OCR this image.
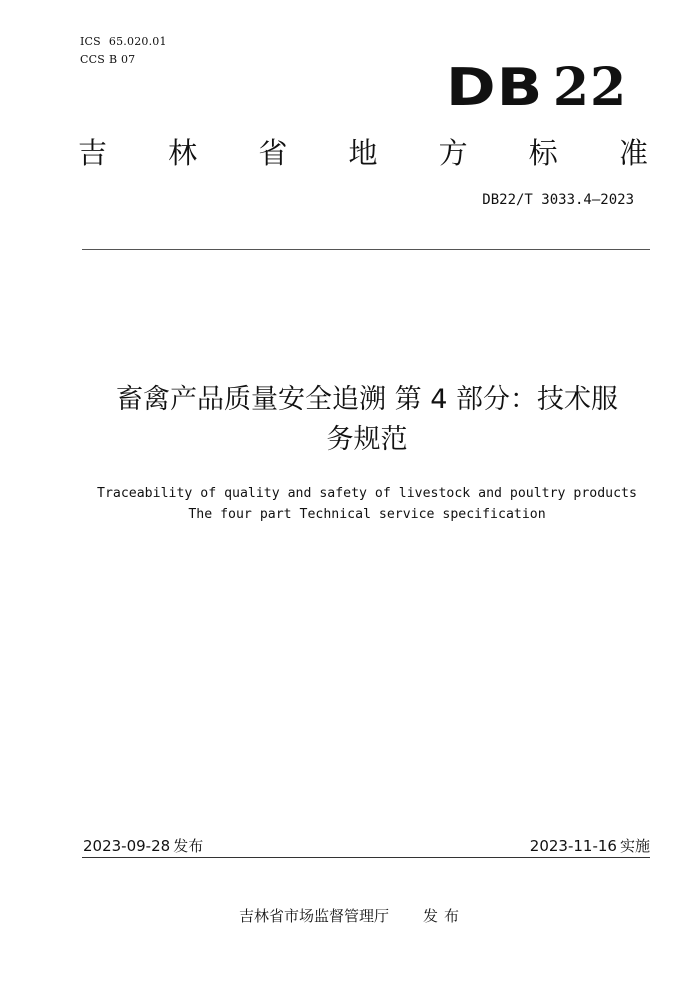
ICS 65.020.01
CCS B 07	DB 22
吉 林 省 地 方 标 准
DB22/T 3033.4—2023
畜禽产品质量安全追溯 第 4 部分：技术服
务规范
Traceability of quality and safety of livestock and poultry products
The four part Technical service specification
2023-09-28 发布	2023-11-16 实施
吉林省市场监督管理厅 发布
